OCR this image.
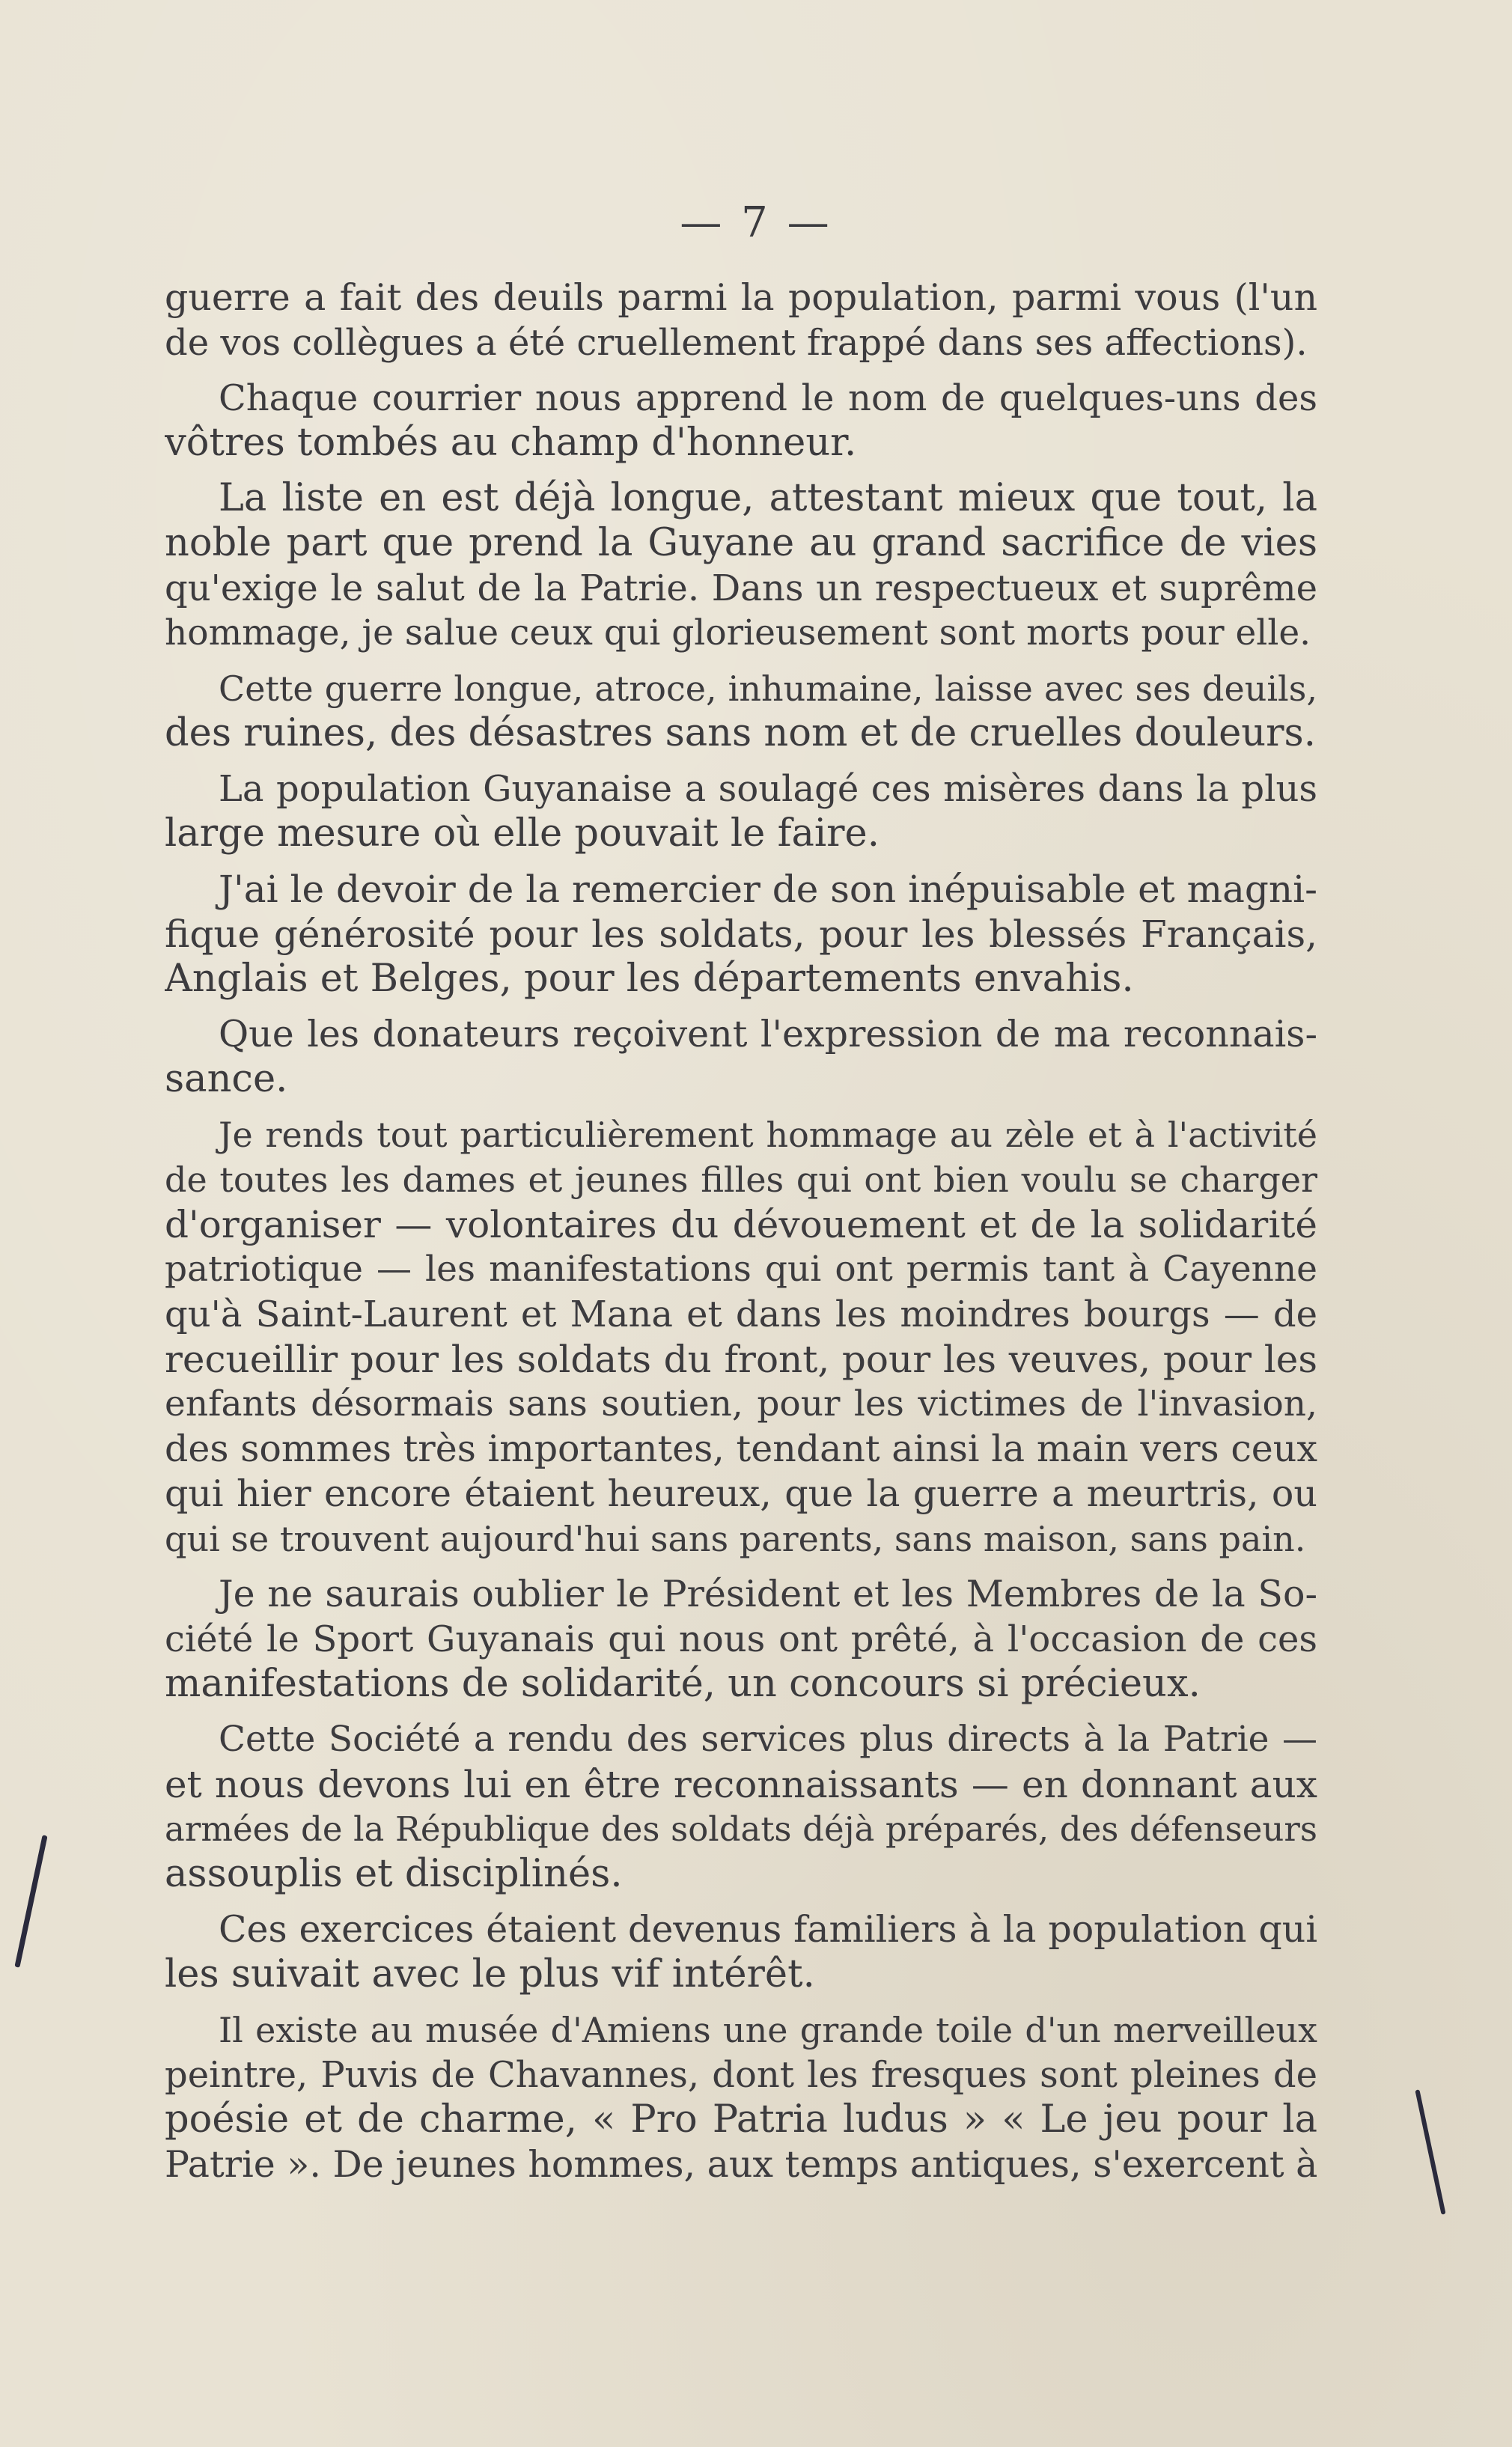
— 7 —
guerre a fait des deuils parmi la population, parmi vous (l'un
de vos collègues a été cruellement frappé dans ses affections).
Chaque courrier nous apprend le nom de quelques-uns des
vôtres tombés au champ d'honneur.
La liste en est déjà longue, attestant mieux que tout, la
noble part que prend la Guyane au grand sacrifice de vies
qu'exige le salut de la Patrie. Dans un respectueux et suprême
hommage, je salue ceux qui glorieusement sont morts pour elle.
Cette guerre longue, atroce, inhumaine, laisse avec ses deuils,
des ruines, des désastres sans nom et de cruelles douleurs.
La population Guyanaise a soulagé ces misères dans la plus
large mesure où elle pouvait le faire.
J'ai le devoir de la remercier de son inépuisable et magni-
fique générosité pour les soldats, pour les blessés Français,
Anglais et Belges, pour les départements envahis.
Que les donateurs reçoivent l'expression de ma reconnais-
sance.
Je rends tout particulièrement hommage au zèle et à l'activité
de toutes les dames et jeunes filles qui ont bien voulu se charger
d'organiser — volontaires du dévouement et de la solidarité
patriotique — les manifestations qui ont permis tant à Cayenne
qu'à Saint-Laurent et Mana et dans les moindres bourgs — de
recueillir pour les soldats du front, pour les veuves, pour les
enfants désormais sans soutien, pour les victimes de l'invasion,
des sommes très importantes, tendant ainsi la main vers ceux
qui hier encore étaient heureux, que la guerre a meurtris, ou
qui se trouvent aujourd'hui sans parents, sans maison, sans pain.
Je ne saurais oublier le Président et les Membres de la So-
ciété le Sport Guyanais qui nous ont prêté, à l'occasion de ces
manifestations de solidarité, un concours si précieux.
Cette Société a rendu des services plus directs à la Patrie —
et nous devons lui en être reconnaissants — en donnant aux
armées de la République des soldats déjà préparés, des défenseurs
assouplis et disciplinés.
Ces exercices étaient devenus familiers à la population qui
les suivait avec le plus vif intérêt.
Il existe au musée d'Amiens une grande toile d'un merveilleux
peintre, Puvis de Chavannes, dont les fresques sont pleines de
poésie et de charme, « Pro Patria ludus » « Le jeu pour la
Patrie ». De jeunes hommes, aux temps antiques, s'exercent à
